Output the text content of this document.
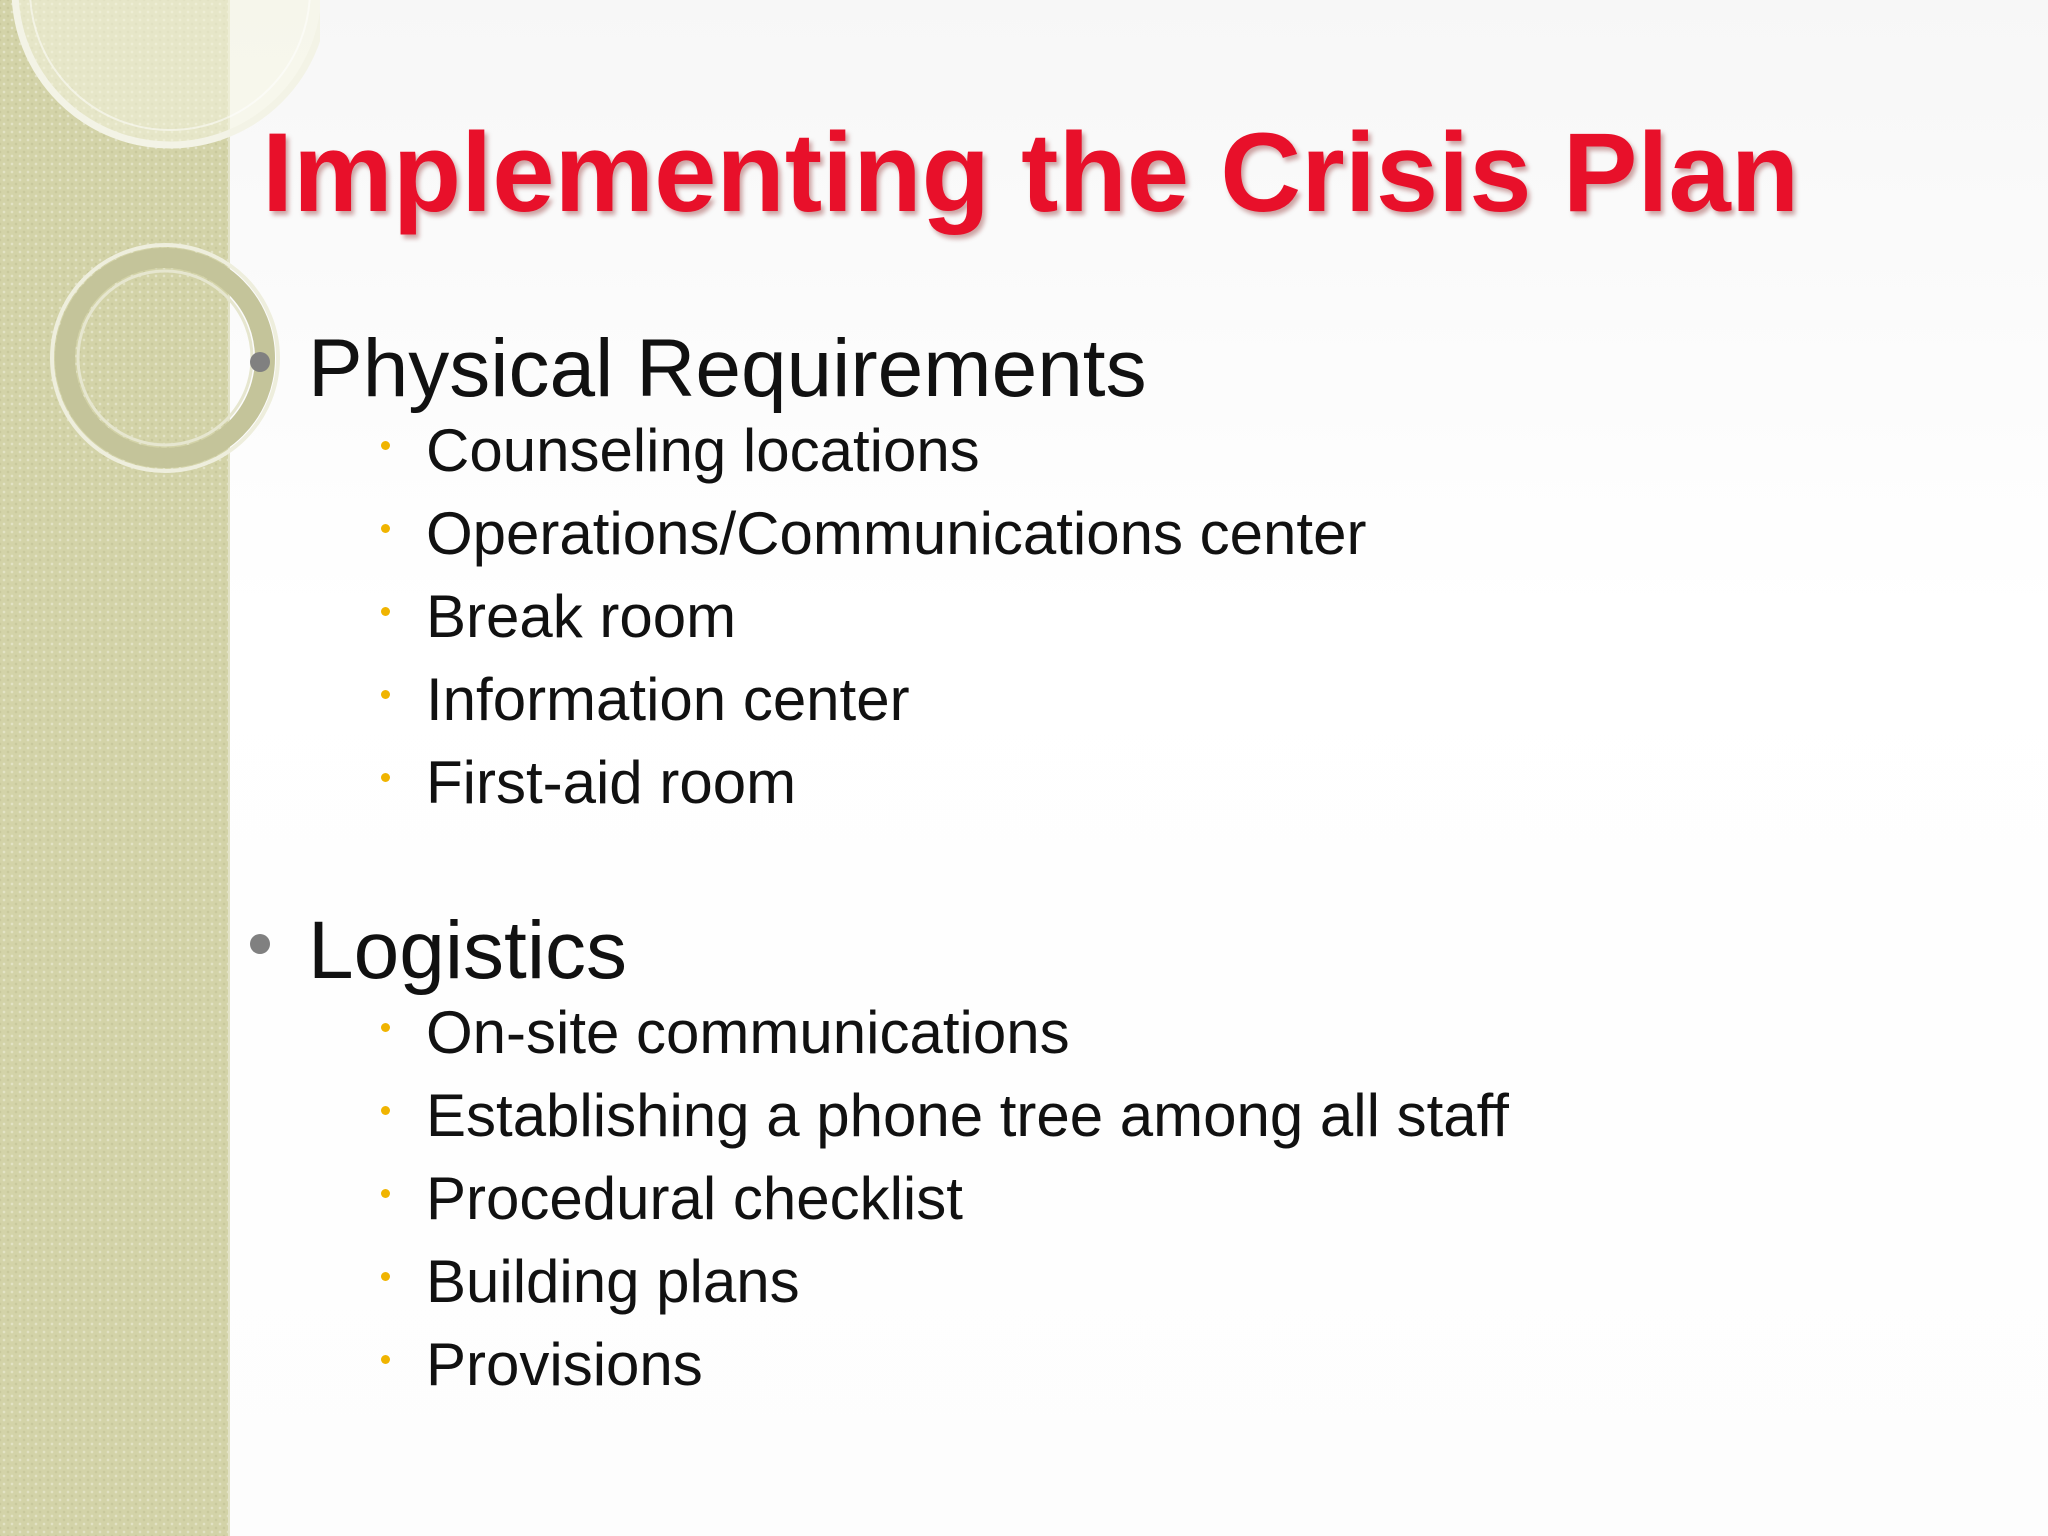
Implementing the Crisis Plan
Physical Requirements
Counseling locations
Operations/Communications center
Break room
Information center
First-aid room
Logistics
On-site communications
Establishing a phone tree among all staff
Procedural checklist
Building plans
Provisions
